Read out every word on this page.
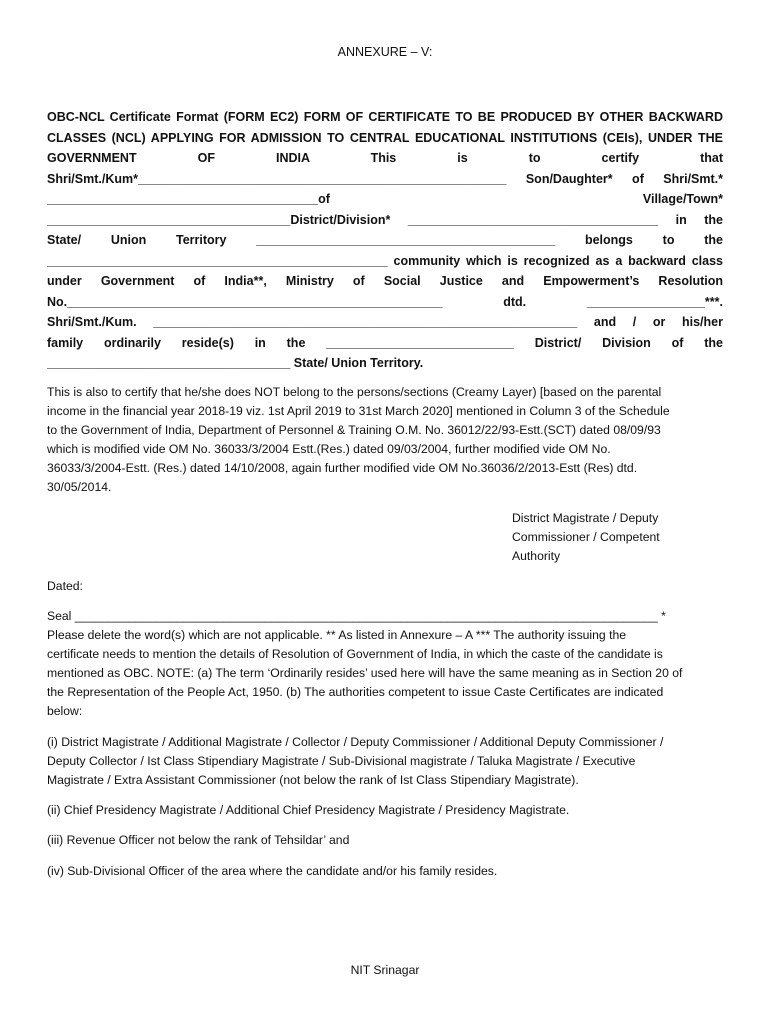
ANNEXURE – V:
OBC-NCL Certificate Format (FORM EC2) FORM OF CERTIFICATE TO BE PRODUCED BY OTHER BACKWARD
CLASSES (NCL) APPLYING FOR ADMISSION TO CENTRAL EDUCATIONAL INSTITUTIONS (CEIs), UNDER THE
GOVERNMENT OF INDIA This is to certify that
Shri/Smt./Kum*_____________________________________________________ Son/Daughter* of Shri/Smt.*
_______________________________________of Village/Town*
___________________________________District/Division* ____________________________________ in the
State/ Union Territory ___________________________________________ belongs to the
_________________________________________________ community which is recognized as a backward class
under Government of India**, Ministry of Social Justice and Empowerment’s Resolution
No.______________________________________________________ dtd. _________________***.
Shri/Smt./Kum. _____________________________________________________________ and / or his/her
family ordinarily reside(s) in the ___________________________ District/ Division of the
___________________________________ State/ Union Territory.
This is also to certify that he/she does NOT belong to the persons/sections (Creamy Layer) [based on the parental
income in the financial year 2018-19 viz. 1st April 2019 to 31st March 2020] mentioned in Column 3 of the Schedule
to the Government of India, Department of Personnel & Training O.M. No. 36012/22/93-Estt.(SCT) dated 08/09/93
which is modified vide OM No. 36033/3/2004 Estt.(Res.) dated 09/03/2004, further modified vide OM No.
36033/3/2004-Estt. (Res.) dated 14/10/2008, again further modified vide OM No.36036/2/2013-Estt (Res) dtd.
30/05/2014.
District Magistrate / Deputy
Commissioner / Competent
Authority
Dated:
Seal ______________________________________________________________________________________ *
Please delete the word(s) which are not applicable. ** As listed in Annexure – A *** The authority issuing the
certificate needs to mention the details of Resolution of Government of India, in which the caste of the candidate is
mentioned as OBC. NOTE: (a) The term ‘Ordinarily resides’ used here will have the same meaning as in Section 20 of
the Representation of the People Act, 1950. (b) The authorities competent to issue Caste Certificates are indicated
below:
(i) District Magistrate / Additional Magistrate / Collector / Deputy Commissioner / Additional Deputy Commissioner /
Deputy Collector / Ist Class Stipendiary Magistrate / Sub-Divisional magistrate / Taluka Magistrate / Executive
Magistrate / Extra Assistant Commissioner (not below the rank of Ist Class Stipendiary Magistrate).
(ii) Chief Presidency Magistrate / Additional Chief Presidency Magistrate / Presidency Magistrate.
(iii) Revenue Officer not below the rank of Tehsildar’ and
(iv) Sub-Divisional Officer of the area where the candidate and/or his family resides.
NIT Srinagar
